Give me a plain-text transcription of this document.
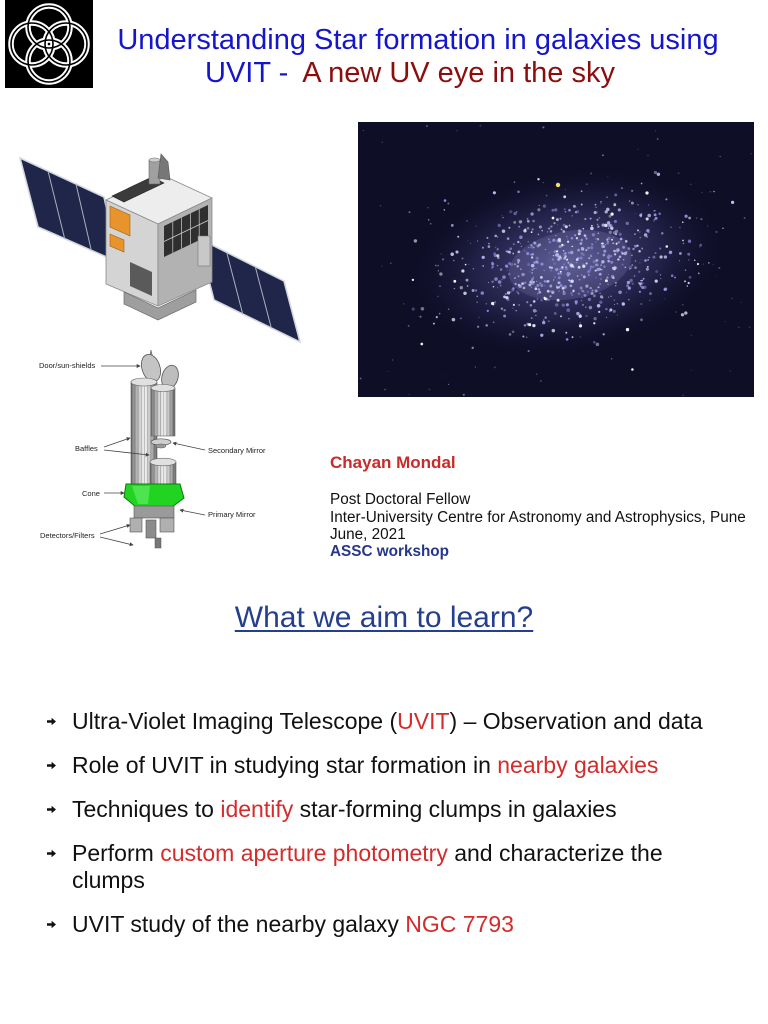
Understanding Star formation in galaxies using
UVIT - A new UV eye in the sky
Door/sun-shields
Baffles	Secondary Mirror
Cone
Primary Mirror
Detectors/Filters
Chayan Mondal
Post Doctoral Fellow
Inter-University Centre for Astronomy and Astrophysics, Pune
June, 2021
ASSC workshop
What we aim to learn?
Ultra-Violet Imaging Telescope (UVIT) – Observation and data
Role of UVIT in studying star formation in nearby galaxies
Techniques to identify star-forming clumps in galaxies
Perform custom aperture photometry and characterize the clumps
UVIT study of the nearby galaxy NGC 7793
